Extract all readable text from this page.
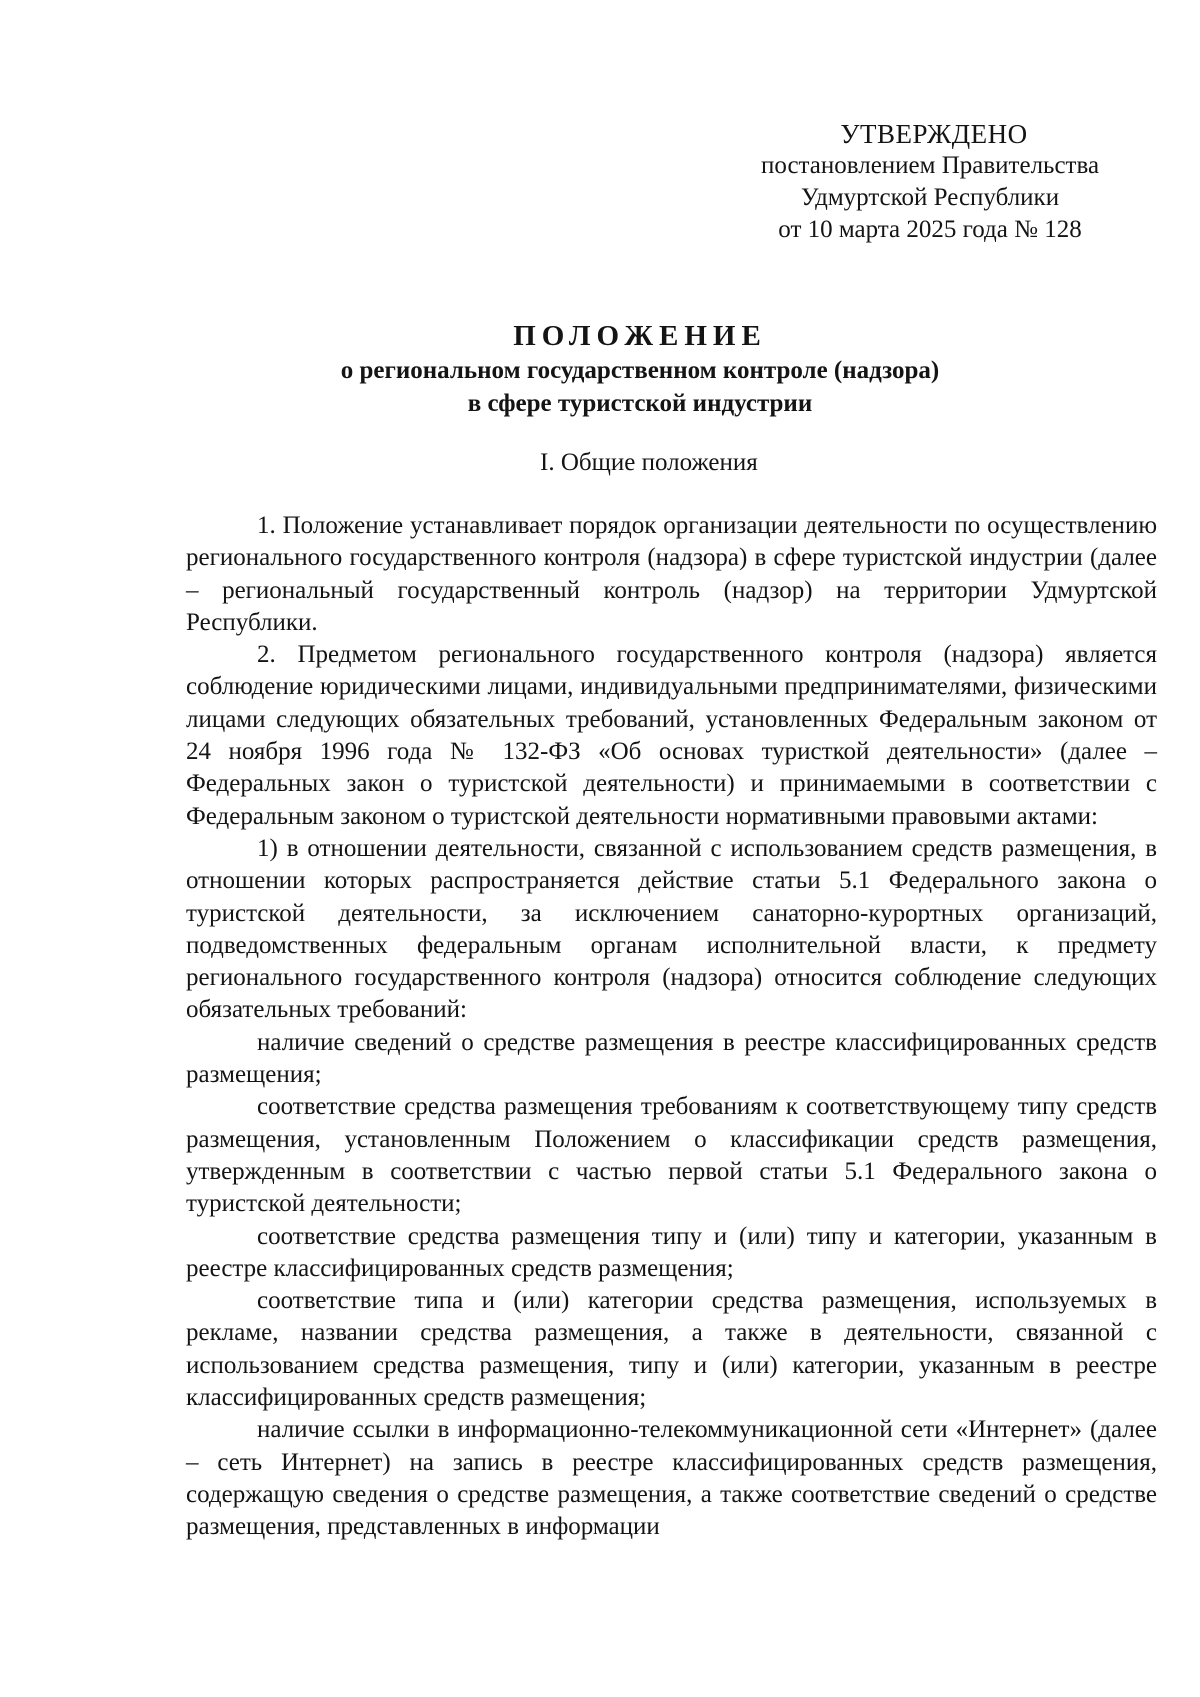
УТВЕРЖДЕНО
постановлением Правительства
Удмуртской Республики
от 10 марта 2025 года № 128
ПОЛОЖЕНИЕ
о региональном государственном контроле (надзора)
в сфере туристской индустрии
I. Общие положения

1. Положение устанавливает порядок организации деятельности по осуществлению регионального государственного контроля (надзора) в сфере туристской индустрии (далее – региональный государственный контроль (надзор) на территории Удмуртской Республики.

2. Предметом регионального государственного контроля (надзора) является соблюдение юридическими лицами, индивидуальными предпринимателями, физическими лицами следующих обязательных требований, установленных Федеральным законом от 24 ноября 1996 года № 132-ФЗ «Об основах туристкой деятельности» (далее – Федеральных закон о туристской деятельности) и принимаемыми в соответствии с Федеральным законом о туристской деятельности нормативными правовыми актами:

1) в отношении деятельности, связанной с использованием средств размещения, в отношении которых распространяется действие статьи 5.1 Федерального закона о туристской деятельности, за исключением санаторно-курортных организаций, подведомственных федеральным органам исполнительной власти, к предмету регионального государственного контроля (надзора) относится соблюдение следующих обязательных требований:

наличие сведений о средстве размещения в реестре классифицированных средств размещения;

соответствие средства размещения требованиям к соответствующему типу средств размещения, установленным Положением о классификации средств размещения, утвержденным в соответствии с частью первой статьи 5.1 Федерального закона о туристской деятельности;

соответствие средства размещения типу и (или) типу и категории, указанным в реестре классифицированных средств размещения;

соответствие типа и (или) категории средства размещения, используемых в рекламе, названии средства размещения, а также в деятельности, связанной с использованием средства размещения, типу и (или) категории, указанным в реестре классифицированных средств размещения;

наличие ссылки в информационно-телекоммуникационной сети «Интернет» (далее – сеть Интернет) на запись в реестре классифицированных средств размещения, содержащую сведения о средстве размещения, а также соответствие сведений о средстве размещения, представленных в информации
